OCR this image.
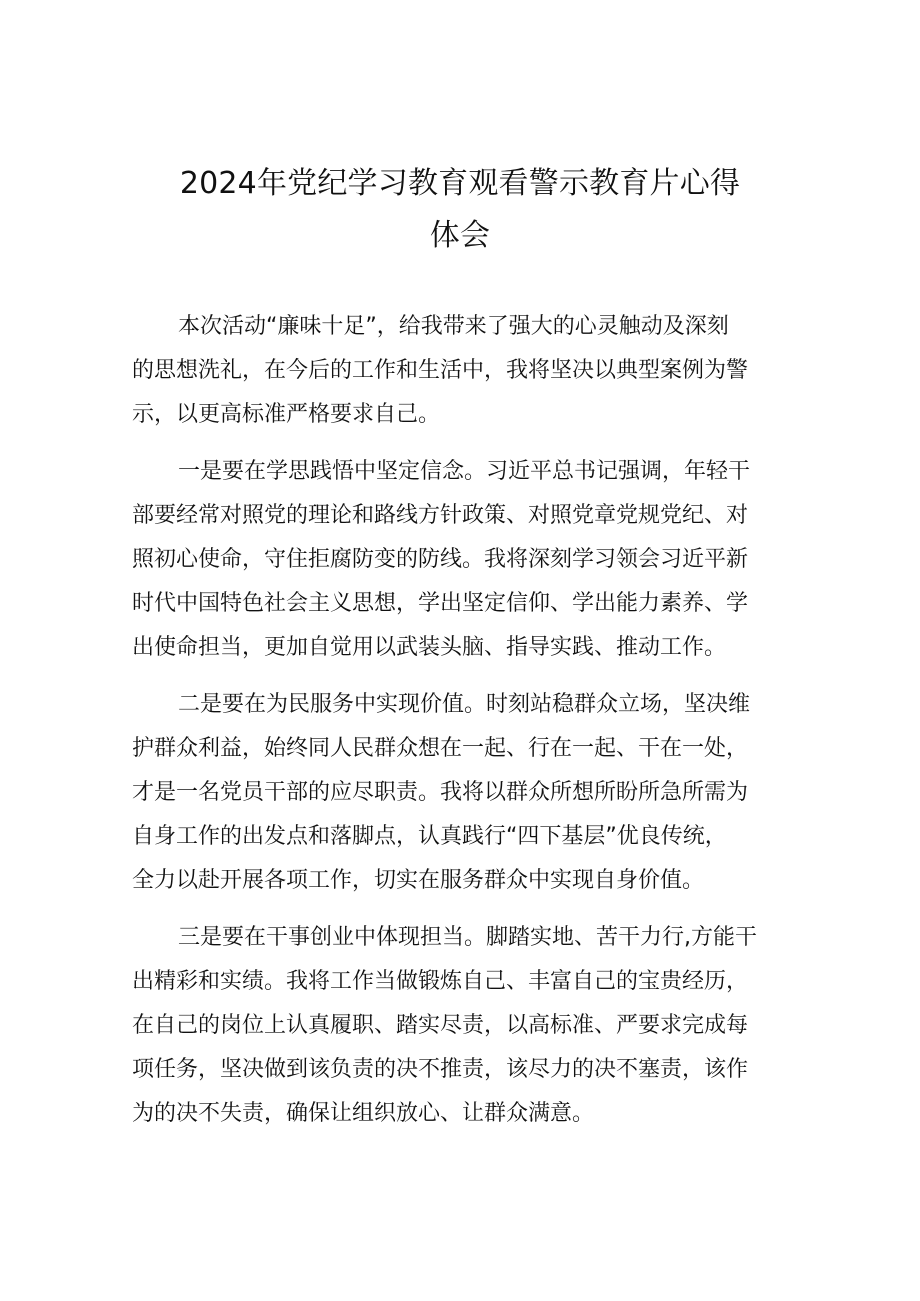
2024年党纪学习教育观看警示教育片心得
体会

本次活动“廉味十足”，给我带来了强大的心灵触动及深刻
的思想洗礼，在今后的工作和生活中，我将坚决以典型案例为警
示，以更高标准严格要求自己。

一是要在学思践悟中坚定信念。习近平总书记强调，年轻干
部要经常对照党的理论和路线方针政策、对照党章党规党纪、对
照初心使命，守住拒腐防变的防线。我将深刻学习领会习近平新
时代中国特色社会主义思想，学出坚定信仰、学出能力素养、学
出使命担当，更加自觉用以武装头脑、指导实践、推动工作。

二是要在为民服务中实现价值。时刻站稳群众立场，坚决维
护群众利益，始终同人民群众想在一起、行在一起、干在一处，
才是一名党员干部的应尽职责。我将以群众所想所盼所急所需为
自身工作的出发点和落脚点，认真践行“四下基层”优良传统，
全力以赴开展各项工作，切实在服务群众中实现自身价值。

三是要在干事创业中体现担当。脚踏实地、苦干力行,方能干
出精彩和实绩。我将工作当做锻炼自己、丰富自己的宝贵经历，
在自己的岗位上认真履职、踏实尽责，以高标准、严要求完成每
项任务，坚决做到该负责的决不推责，该尽力的决不塞责，该作
为的决不失责，确保让组织放心、让群众满意。
